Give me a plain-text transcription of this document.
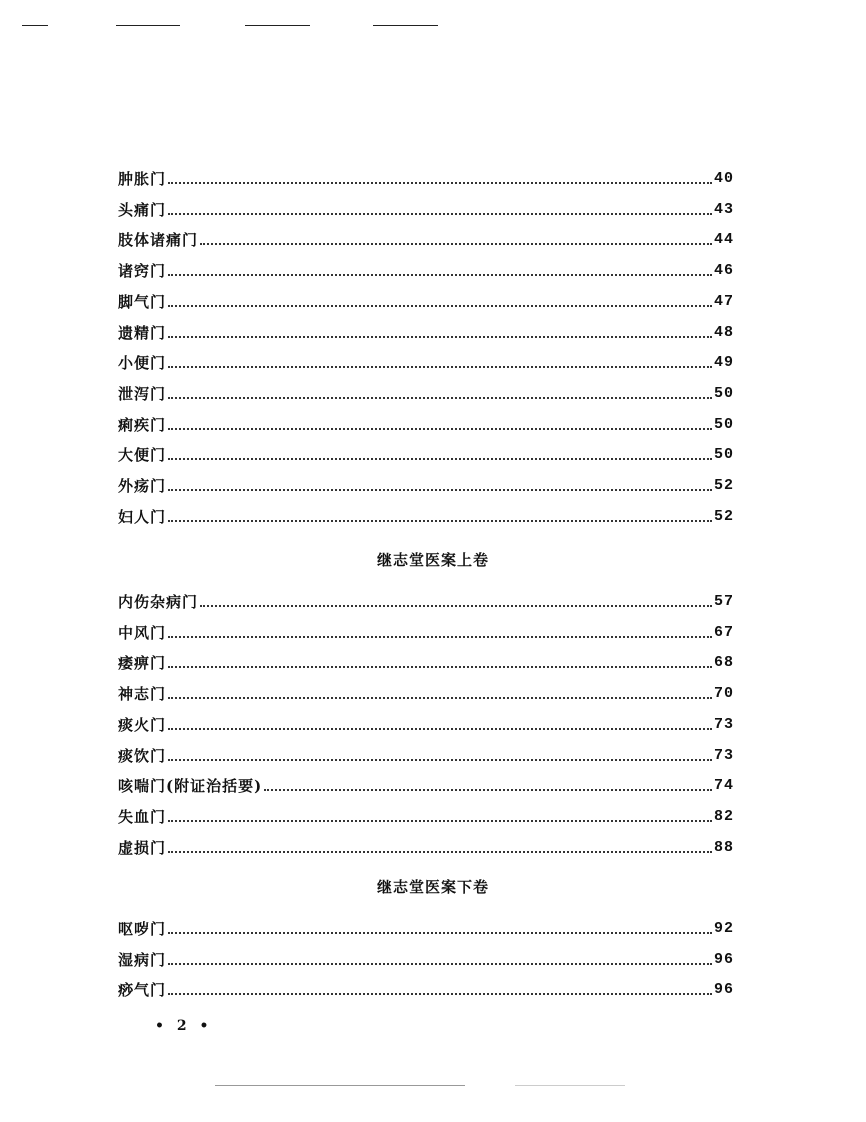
肿胀门	40
头痛门	43
肢体诸痛门	44
诸窍门	46
脚气门	47
遗精门	48
小便门	49
泄泻门	50
痢疾门	50
大便门	50
外疡门	52
妇人门	52
继志堂医案上卷
内伤杂病门	57
中风门	67
痿痹门	68
神志门	70
痰火门	73
痰饮门	73
咳喘门(附证治括要)	74
失血门	82
虚损门	88
继志堂医案下卷
呕哕门	92
湿病门	96
痧气门	96
• 2 •
